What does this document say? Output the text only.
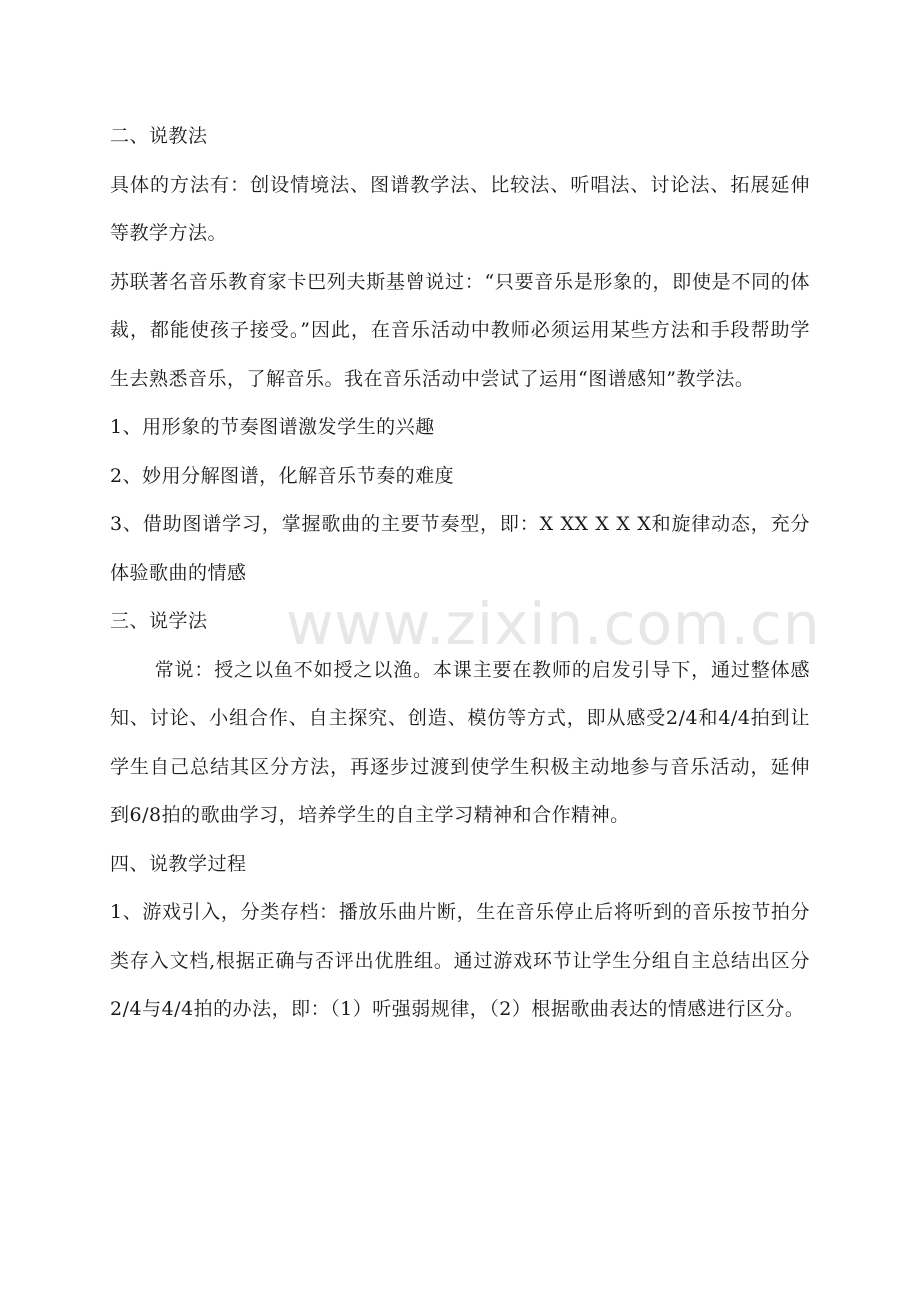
二、说教法

具体的方法有：创设情境法、图谱教学法、比较法、听唱法、讨论法、拓展延伸等教学方法。

苏联著名音乐教育家卡巴列夫斯基曾说过：“只要音乐是形象的，即使是不同的体裁，都能使孩子接受。”因此，在音乐活动中教师必须运用某些方法和手段帮助学生去熟悉音乐，了解音乐。我在音乐活动中尝试了运用“图谱感知”教学法。

1、用形象的节奏图谱激发学生的兴趣

2、妙用分解图谱，化解音乐节奏的难度

3、借助图谱学习，掌握歌曲的主要节奏型，即：X XX X X X和旋律动态，充分体验歌曲的情感

三、说学法

常说：授之以鱼不如授之以渔。本课主要在教师的启发引导下，通过整体感知、讨论、小组合作、自主探究、创造、模仿等方式，即从感受2/4和4/4拍到让学生自己总结其区分方法，再逐步过渡到使学生积极主动地参与音乐活动，延伸到6/8拍的歌曲学习，培养学生的自主学习精神和合作精神。

四、说教学过程

1、游戏引入，分类存档：播放乐曲片断，生在音乐停止后将听到的音乐按节拍分类存入文档,根据正确与否评出优胜组。通过游戏环节让学生分组自主总结出区分2/4与4/4拍的办法，即：（1）听强弱规律，（2）根据歌曲表达的情感进行区分。

www.zixin.com.cn
